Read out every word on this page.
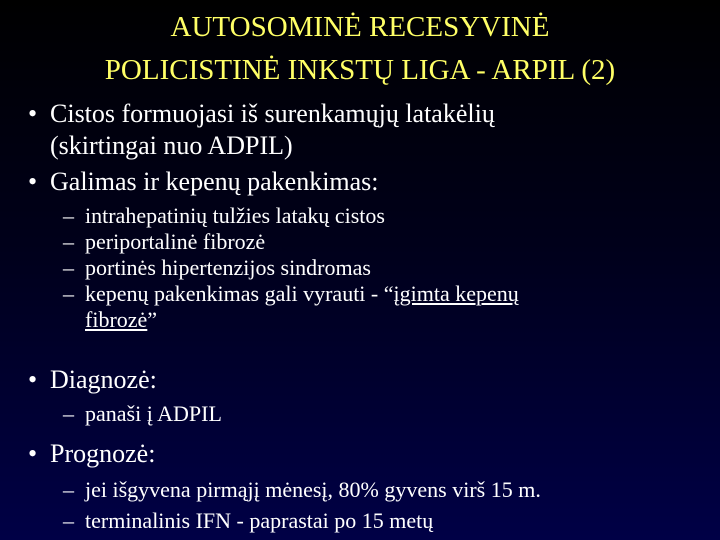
AUTOSOMINĖ RECESYVINĖ
POLICISTINĖ INKSTŲ LIGA - ARPIL (2)
• Cistos formuojasi iš surenkamųjų latakėlių
(skirtingai nuo ADPIL)
• Galimas ir kepenų pakenkimas:
– intrahepatinių tulžies latakų cistos
– periportalinė fibrozė
– portinės hipertenzijos sindromas
– kepenų pakenkimas gali vyrauti - “įgimta kepenų
fibrozė”
• Diagnozė:
– panaši į ADPIL
• Prognozė:
– jei išgyvena pirmąjį mėnesį, 80% gyvens virš 15 m.
– terminalinis IFN - paprastai po 15 metų
